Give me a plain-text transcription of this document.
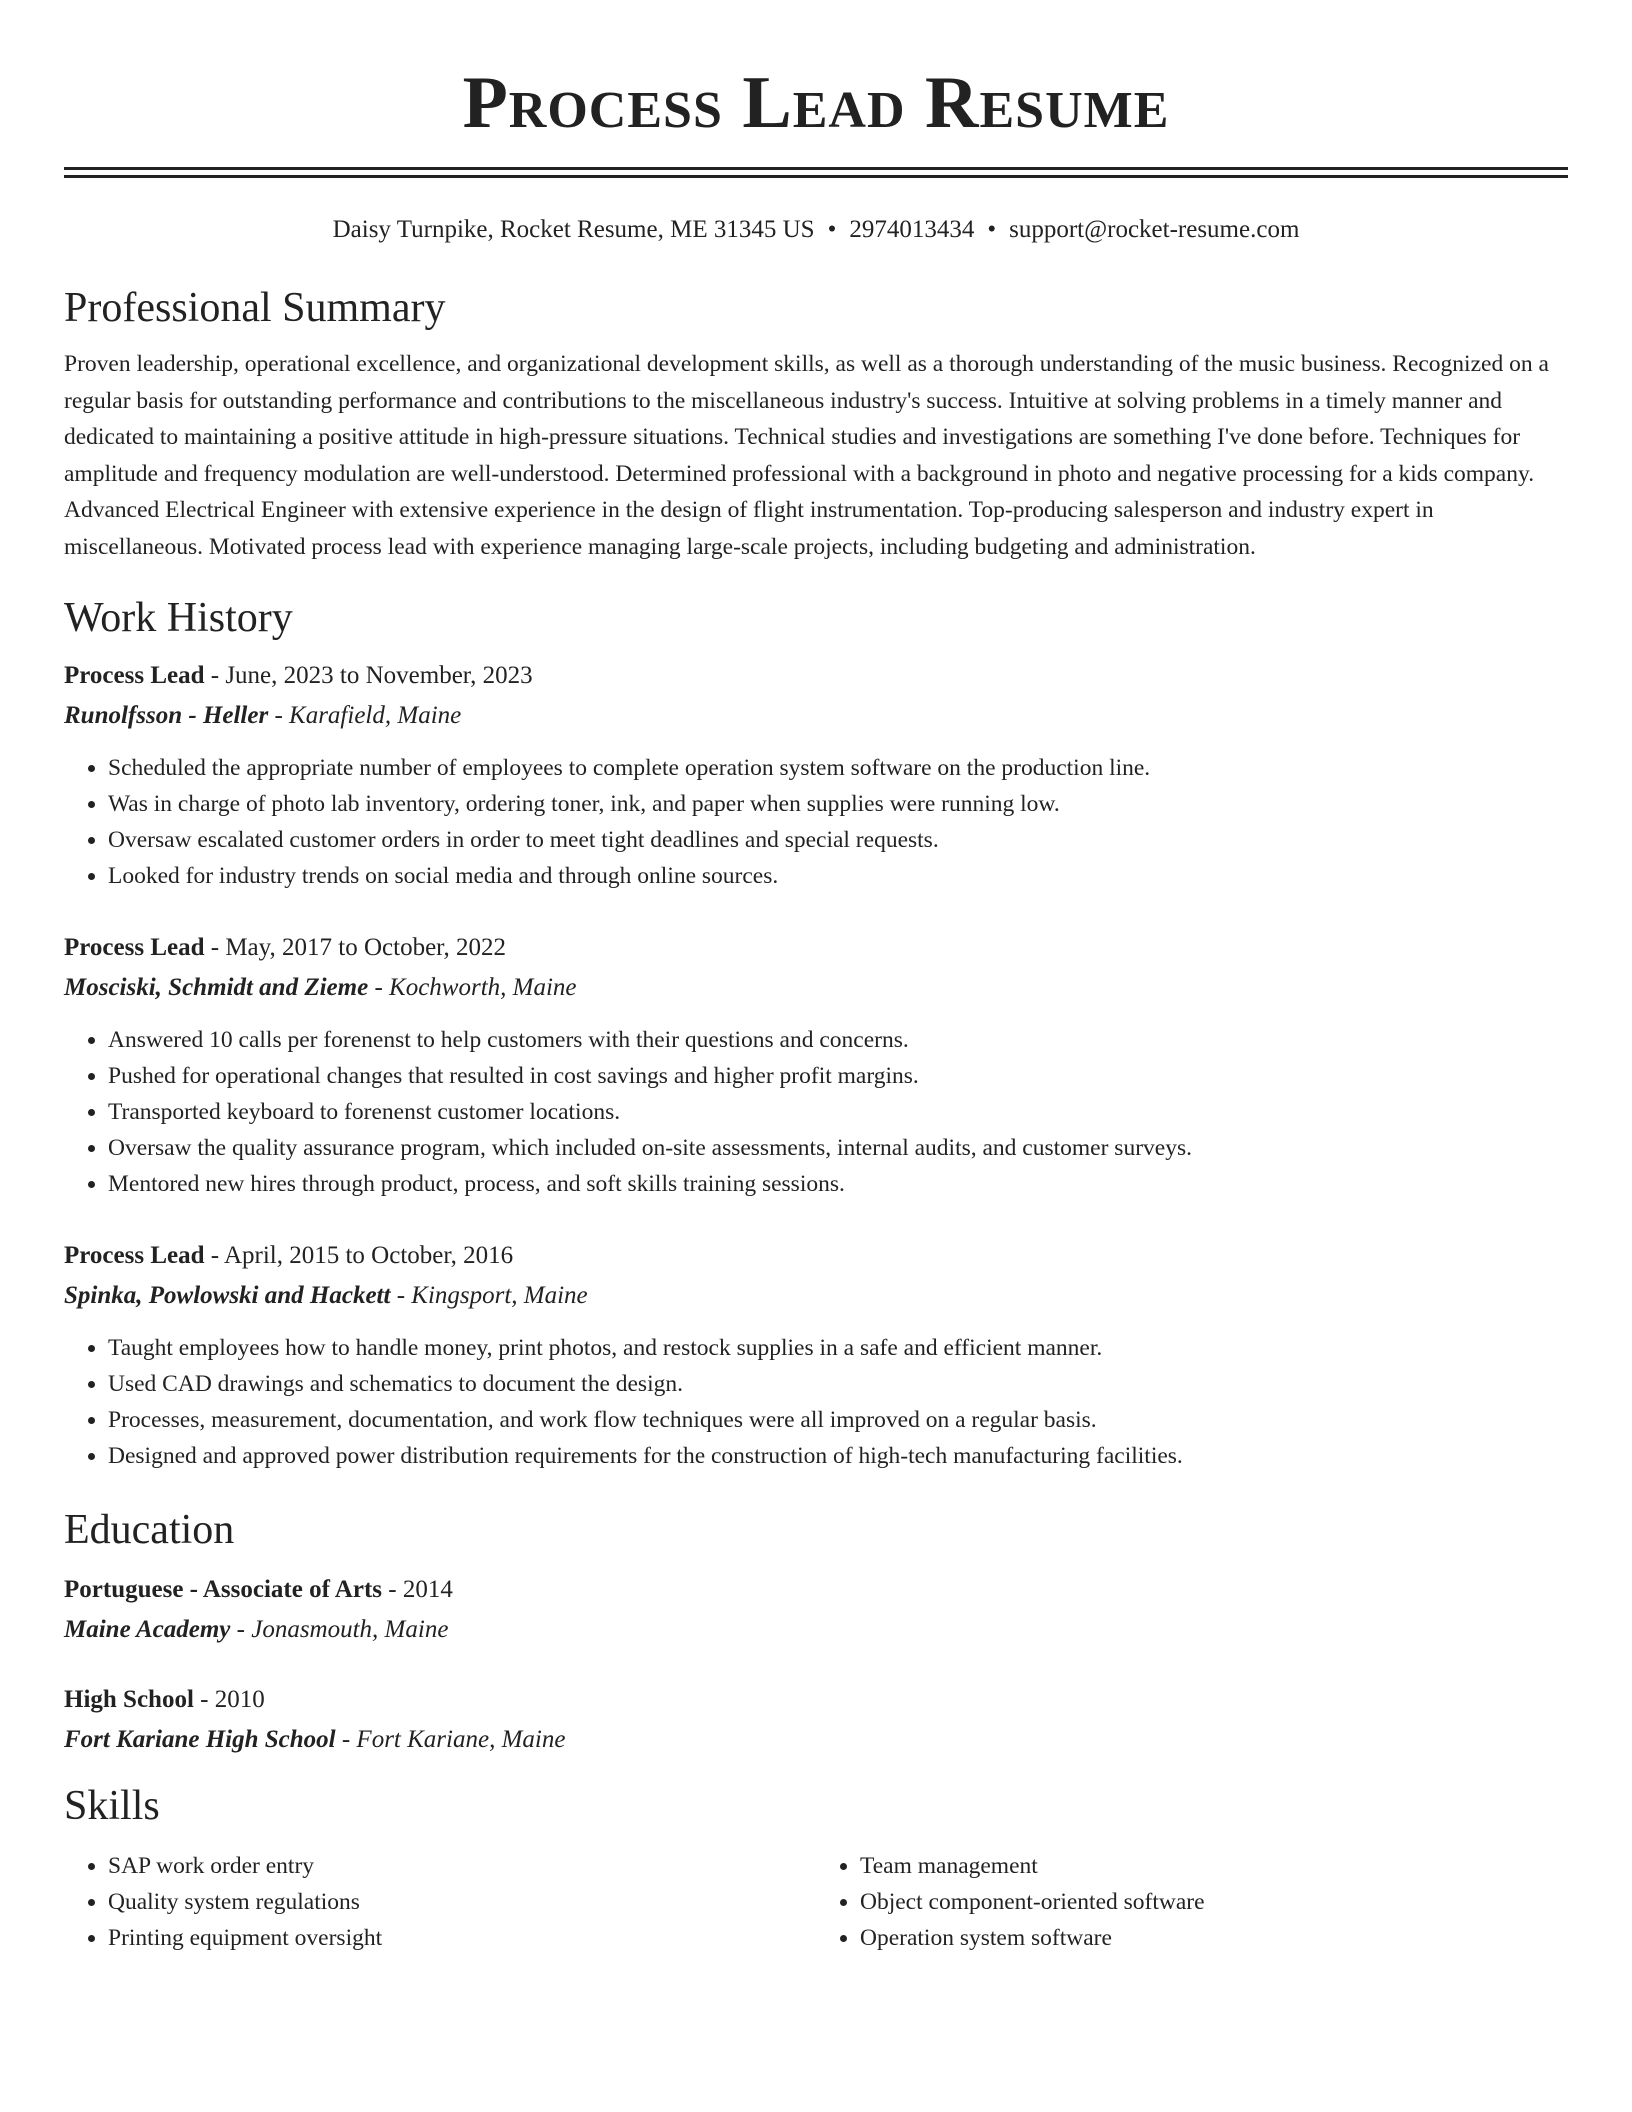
Process Lead Resume
Daisy Turnpike, Rocket Resume, ME 31345 US • 2974013434 • support@rocket-resume.com
Professional Summary
Proven leadership, operational excellence, and organizational development skills, as well as a thorough understanding of the music business. Recognized on a regular basis for outstanding performance and contributions to the miscellaneous industry's success. Intuitive at solving problems in a timely manner and dedicated to maintaining a positive attitude in high-pressure situations. Technical studies and investigations are something I've done before. Techniques for amplitude and frequency modulation are well-understood. Determined professional with a background in photo and negative processing for a kids company. Advanced Electrical Engineer with extensive experience in the design of flight instrumentation. Top-producing salesperson and industry expert in miscellaneous. Motivated process lead with experience managing large-scale projects, including budgeting and administration.
Work History
Process Lead - June, 2023 to November, 2023
Runolfsson - Heller - Karafield, Maine
• Scheduled the appropriate number of employees to complete operation system software on the production line.
• Was in charge of photo lab inventory, ordering toner, ink, and paper when supplies were running low.
• Oversaw escalated customer orders in order to meet tight deadlines and special requests.
• Looked for industry trends on social media and through online sources.
Process Lead - May, 2017 to October, 2022
Mosciski, Schmidt and Zieme - Kochworth, Maine
• Answered 10 calls per forenenst to help customers with their questions and concerns.
• Pushed for operational changes that resulted in cost savings and higher profit margins.
• Transported keyboard to forenenst customer locations.
• Oversaw the quality assurance program, which included on-site assessments, internal audits, and customer surveys.
• Mentored new hires through product, process, and soft skills training sessions.
Process Lead - April, 2015 to October, 2016
Spinka, Powlowski and Hackett - Kingsport, Maine
• Taught employees how to handle money, print photos, and restock supplies in a safe and efficient manner.
• Used CAD drawings and schematics to document the design.
• Processes, measurement, documentation, and work flow techniques were all improved on a regular basis.
• Designed and approved power distribution requirements for the construction of high-tech manufacturing facilities.
Education
Portuguese - Associate of Arts - 2014
Maine Academy - Jonasmouth, Maine
High School - 2010
Fort Kariane High School - Fort Kariane, Maine
Skills
• SAP work order entry
• Quality system regulations
• Printing equipment oversight
• Team management
• Object component-oriented software
• Operation system software
